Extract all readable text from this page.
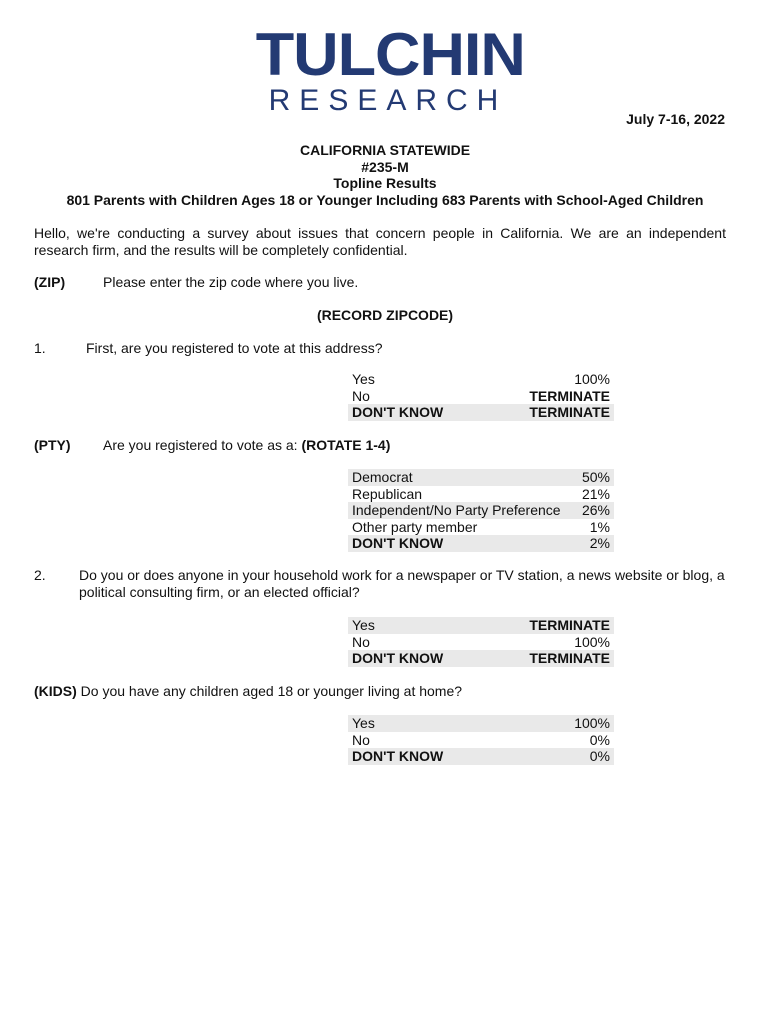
TULCHIN
RESEARCH
July 7-16, 2022
CALIFORNIA STATEWIDE
#235-M
Topline Results
801 Parents with Children Ages 18 or Younger Including 683 Parents with School-Aged Children
Hello, we're conducting a survey about issues that concern people in California. We are an independent research firm, and the results will be completely confidential.
(ZIP)	Please enter the zip code where you live.
(RECORD ZIPCODE)
1.	First, are you registered to vote at this address?
Yes	100%
No	TERMINATE
DON'T KNOW	TERMINATE
(PTY) Are you registered to vote as a: (ROTATE 1-4)
Democrat	50%
Republican	21%
Independent/No Party Preference 26%
Other party member	1%
DON'T KNOW	2%
2. Do you or does anyone in your household work for a newspaper or TV station, a news website or blog, a
political consulting firm, or an elected official?
Yes	TERMINATE
No	100%
DON'T KNOW	TERMINATE
(KIDS) Do you have any children aged 18 or younger living at home?
Yes	100%
No	0%
DON'T KNOW	0%
